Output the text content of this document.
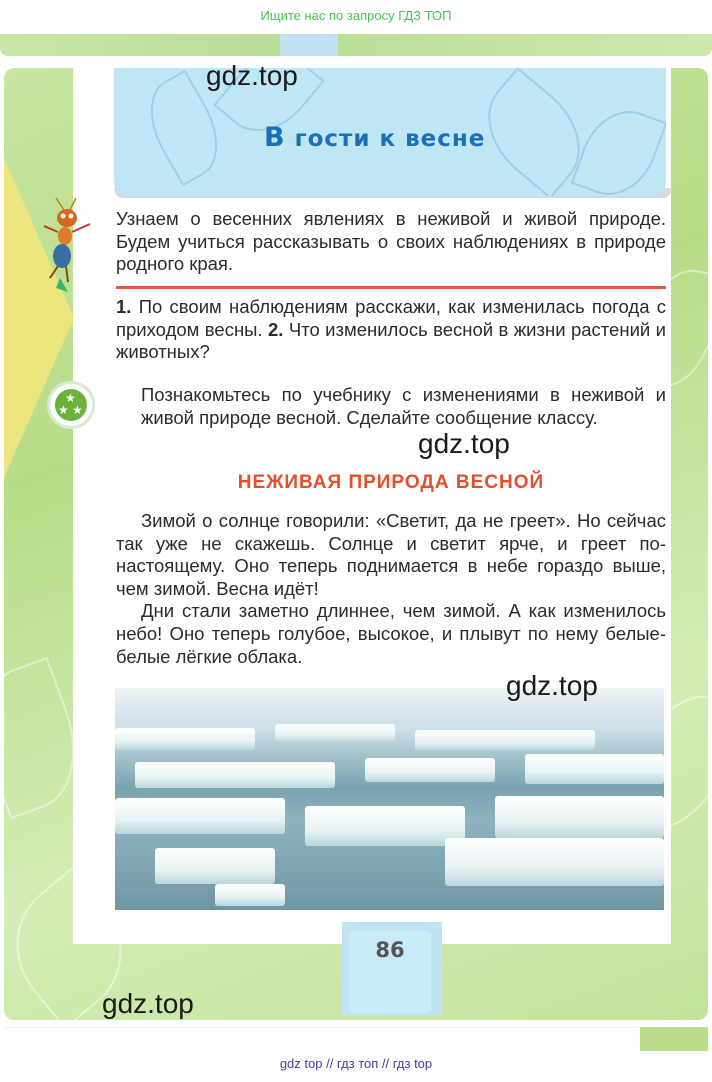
Ищите нас по запросу ГДЗ ТОП
В гости к весне
Узнаем о весенних явлениях в неживой и живой природе. Будем учиться рассказывать о своих наблюдениях в природе родного края.
1. По своим наблюдениям расскажи, как изменилась погода с приходом весны. 2. Что изменилось весной в жизни растений и животных?
★
★ ★
Познакомьтесь по учебнику с изменениями в неживой и живой природе весной. Сделайте сообщение классу.
НЕЖИВАЯ ПРИРОДА ВЕСНОЙ

Зимой о солнце говорили: «Светит, да не греет». Но сейчас так уже не скажешь. Солнце и светит ярче, и греет по-настоящему. Оно теперь поднимается в небе гораздо выше, чем зимой. Весна идёт!

Дни стали заметно длиннее, чем зимой. А как изменилось небо! Оно теперь голубое, высокое, и плывут по нему белые-белые лёгкие облака.

86
gdz.top
gdz.top
gdz.top
gdz.top
gdz top // гдз топ // гдз top
